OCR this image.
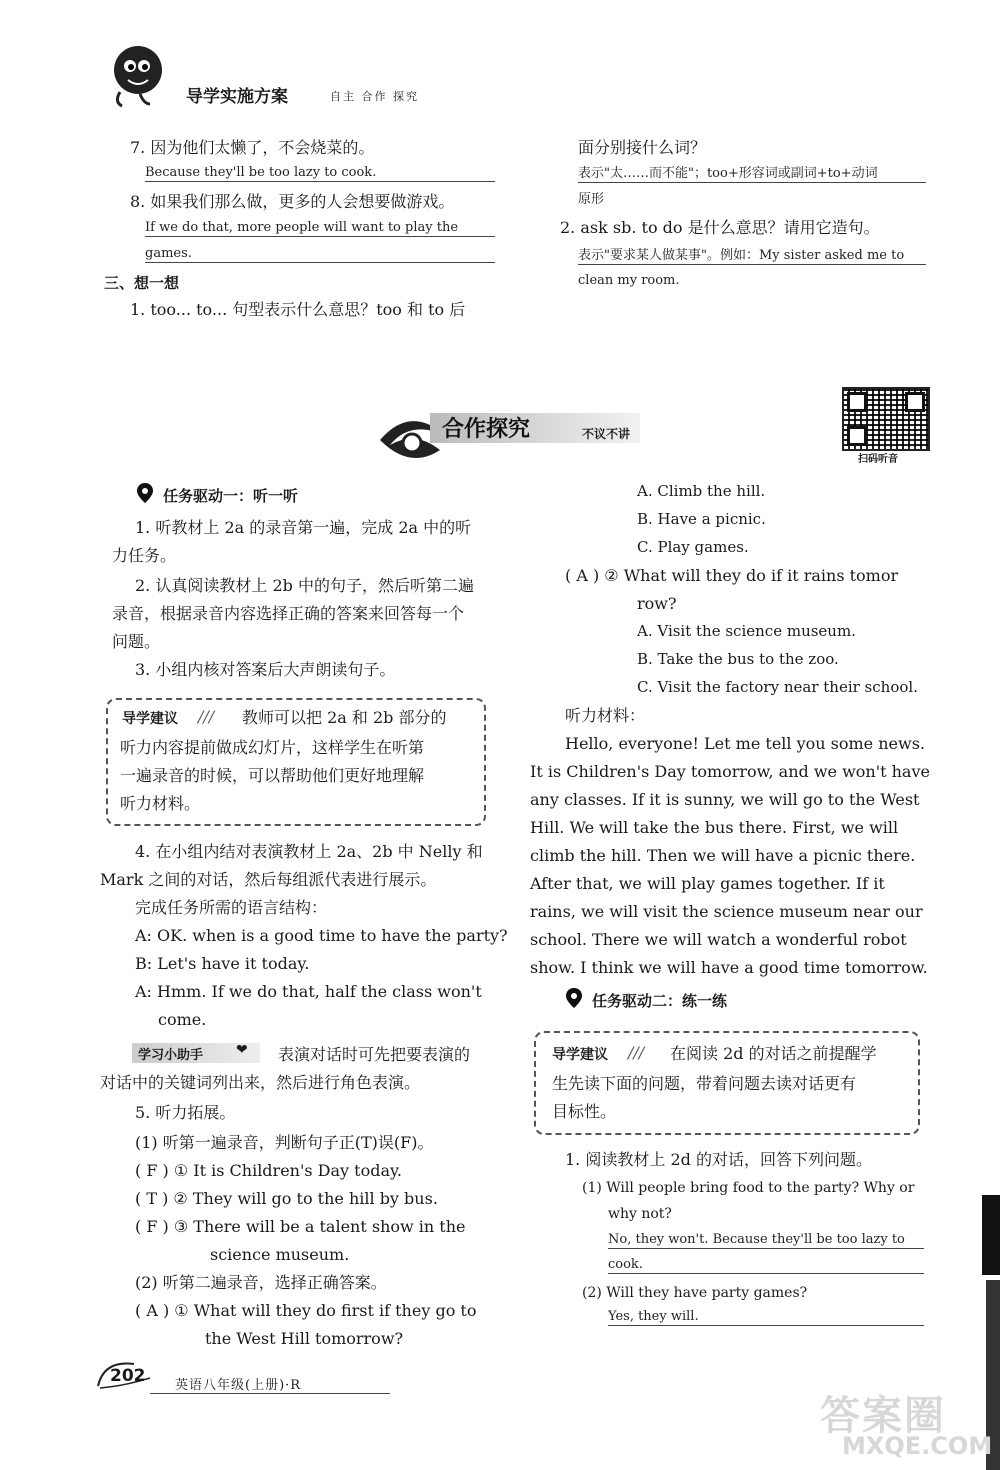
导学实施方案	自主 合作 探究
7. 因为他们太懒了，不会烧菜的。
Because they'll be too lazy to cook.
8. 如果我们那么做，更多的人会想要做游戏。
If we do that, more people will want to play the
games.
三、想一想
1. too... to... 句型表示什么意思？too 和 to 后
面分别接什么词？
表示"太……而不能"；too+形容词或副词+to+动词
原形
2. ask sb. to do 是什么意思？请用它造句。
表示"要求某人做某事"。例如：My sister asked me to
clean my room.
合作探究	不议不讲
扫码听音
任务驱动一：听一听
1. 听教材上 2a 的录音第一遍，完成 2a 中的听
力任务。
2. 认真阅读教材上 2b 中的句子，然后听第二遍
录音，根据录音内容选择正确的答案来回答每一个
问题。
3. 小组内核对答案后大声朗读句子。
导学建议 /// 教师可以把 2a 和 2b 部分的
听力内容提前做成幻灯片，这样学生在听第
一遍录音的时候，可以帮助他们更好地理解
听力材料。
4. 在小组内结对表演教材上 2a、2b 中 Nelly 和
Mark 之间的对话，然后每组派代表进行展示。
完成任务所需的语言结构：
A: OK. when is a good time to have the party?
B: Let's have it today.
A: Hmm. If we do that, half the class won't
come.
学习小助手 ❤ 表演对话时可先把要表演的
对话中的关键词列出来，然后进行角色表演。
5. 听力拓展。
(1) 听第一遍录音，判断句子正(T)误(F)。
( F ) ① It is Children's Day today.
( T ) ② They will go to the hill by bus.
( F ) ③ There will be a talent show in the
science museum.
(2) 听第二遍录音，选择正确答案。
( A ) ① What will they do first if they go to
the West Hill tomorrow?
A. Climb the hill.
B. Have a picnic.
C. Play games.
( A ) ② What will they do if it rains tomor
row?
A. Visit the science museum.
B. Take the bus to the zoo.
C. Visit the factory near their school.
听力材料：
Hello, everyone! Let me tell you some news.
It is Children's Day tomorrow, and we won't have
any classes. If it is sunny, we will go to the West
Hill. We will take the bus there. First, we will
climb the hill. Then we will have a picnic there.
After that, we will play games together. If it
rains, we will visit the science museum near our
school. There we will watch a wonderful robot
show. I think we will have a good time tomorrow.
任务驱动二：练一练
导学建议 /// 在阅读 2d 的对话之前提醒学
生先读下面的问题，带着问题去读对话更有
目标性。
1. 阅读教材上 2d 的对话，回答下列问题。
(1) Will people bring food to the party? Why or
why not?
No, they won't. Because they'll be too lazy to
cook.
(2) Will they have party games?
Yes, they will.
202 英语八年级(上册)·R
答案圈
MXQE.COM
